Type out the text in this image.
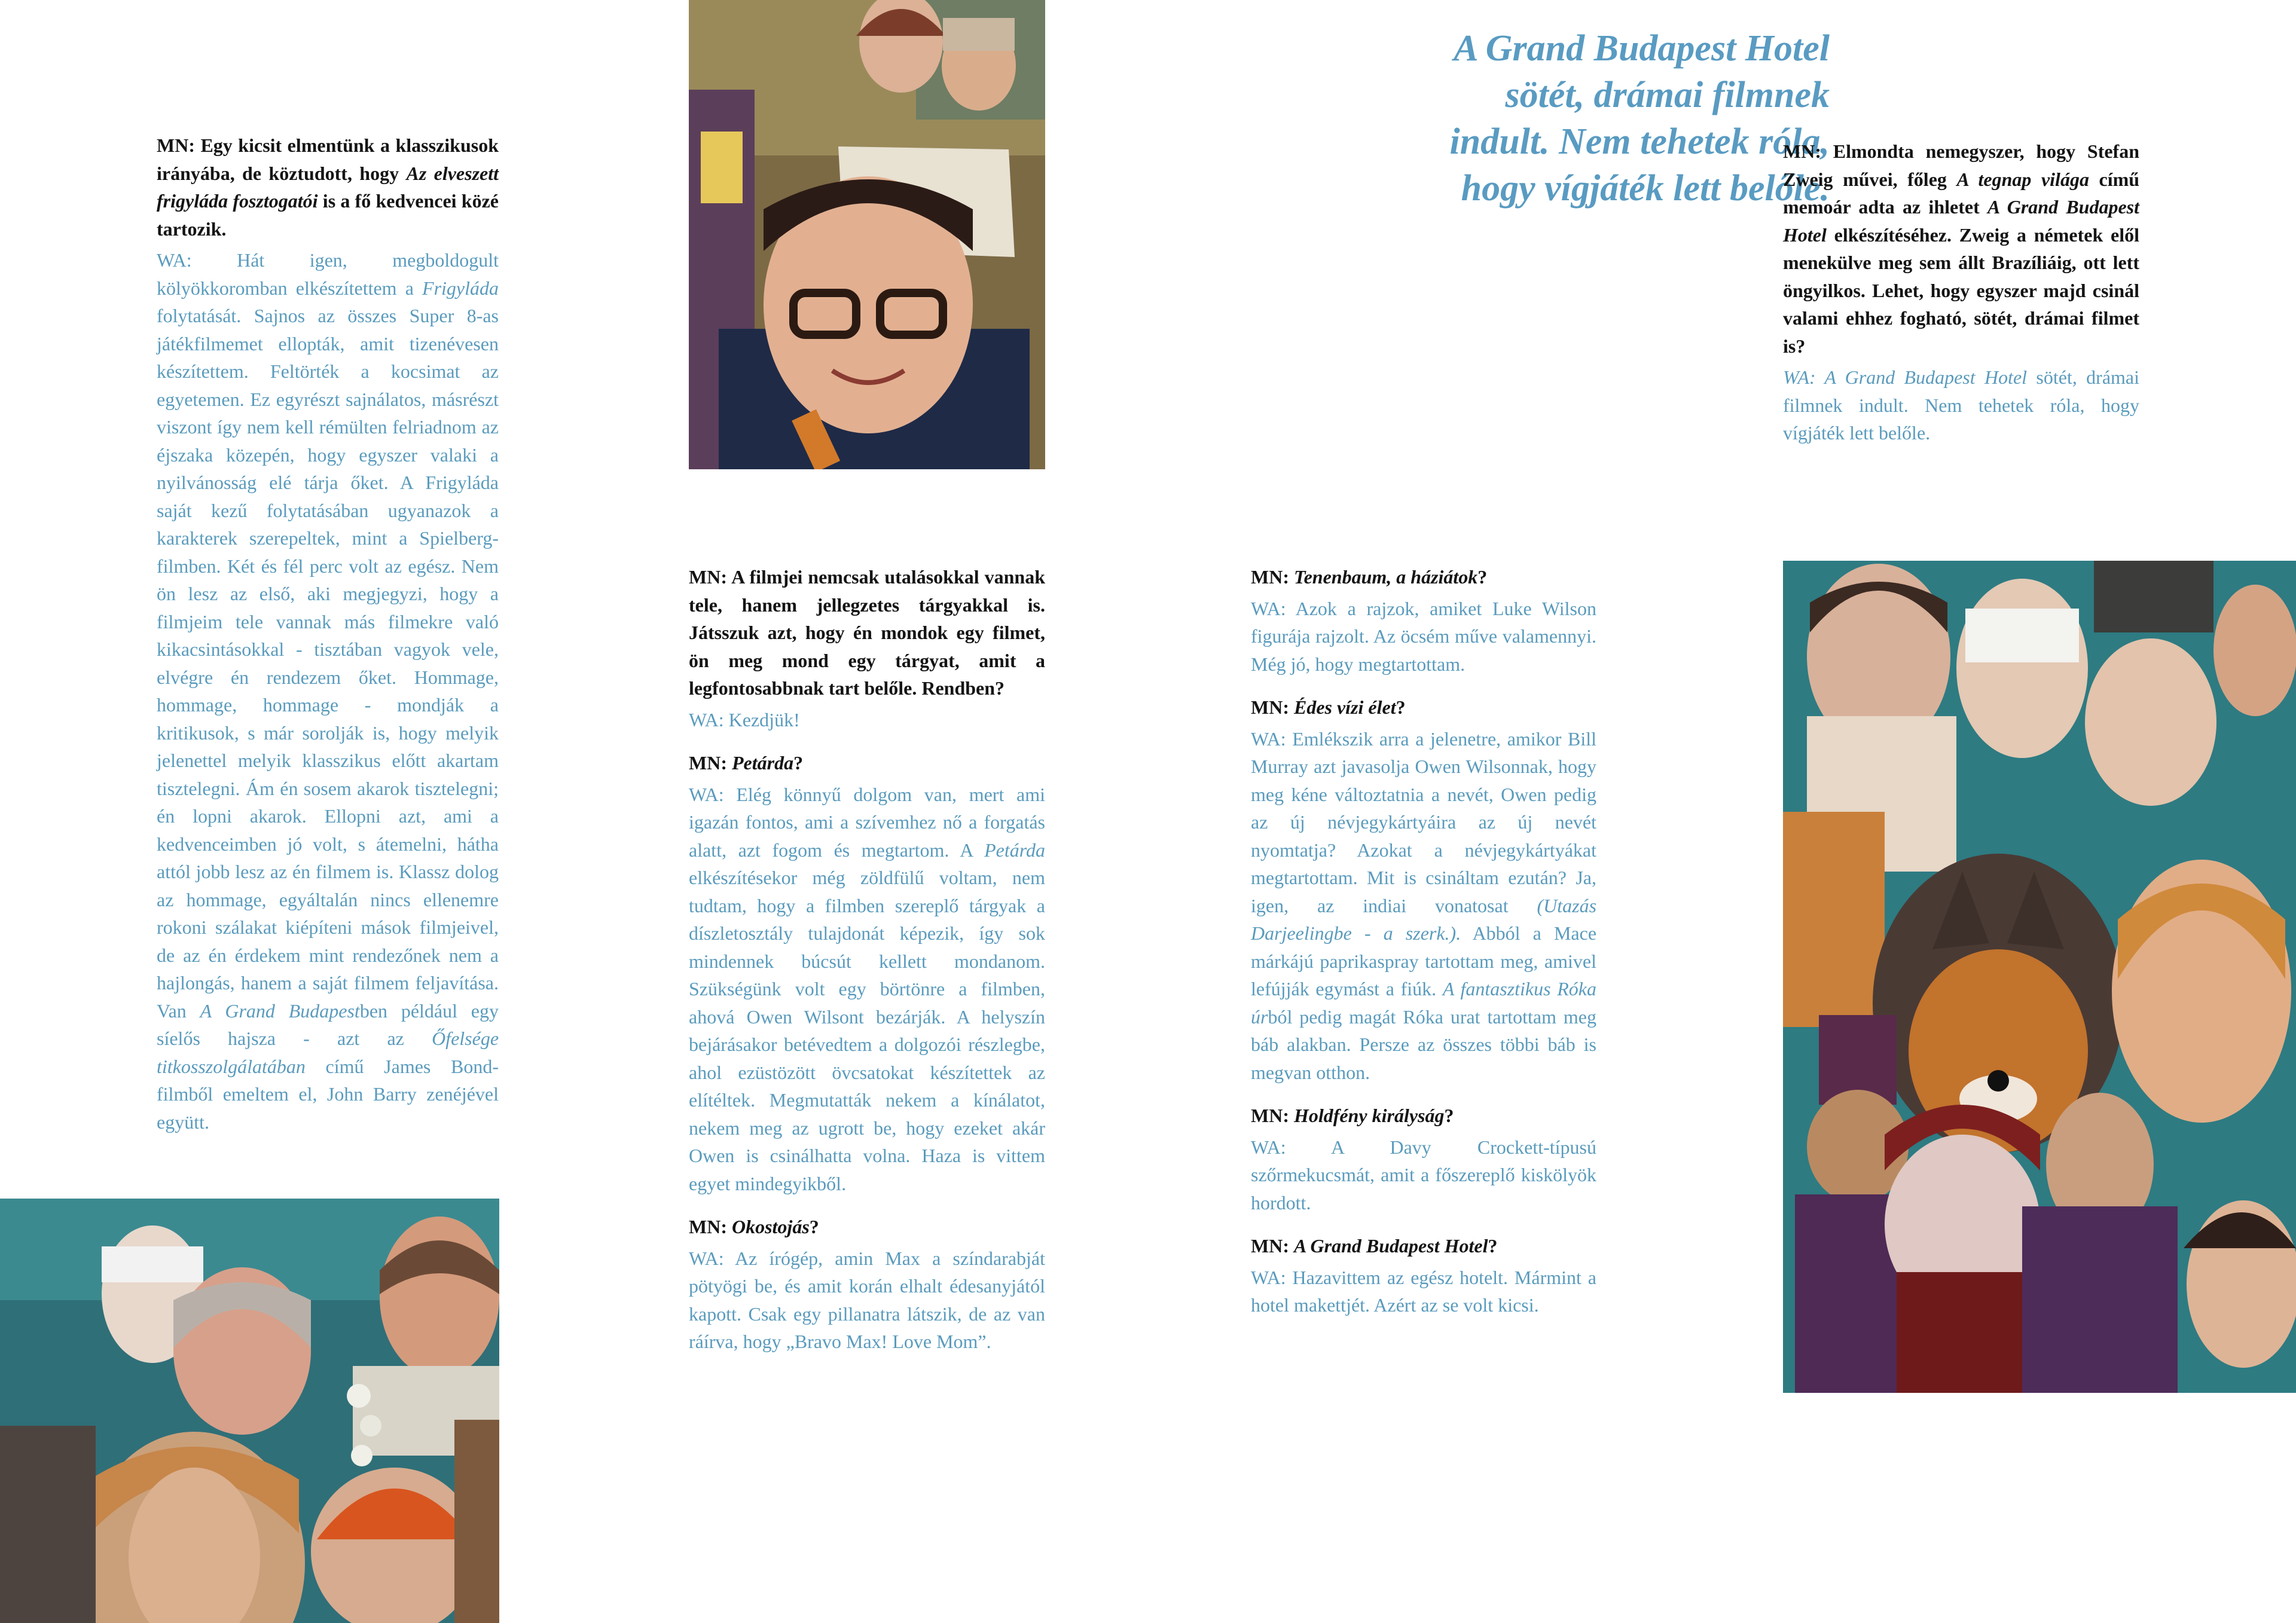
MN: Egy kicsit elmentünk a klasszikusok irányába, de köztudott, hogy Az elveszett frigyláda fosztogatói is a fő kedvencei közé tartozik.

WA: Hát igen, megboldogult kölyökkoromban elkészítettem a Frigyláda folytatását. Sajnos az összes Super 8-as játékfilmemet ellopták, amit tizenévesen készítettem. Feltörték a kocsimat az egyetemen. Ez egyrészt sajnálatos, másrészt viszont így nem kell rémülten felriadnom az éjszaka közepén, hogy egyszer valaki a nyilvánosság elé tárja őket. A Frigyláda saját kezű folytatásában ugyanazok a karakterek szerepeltek, mint a Spielberg-filmben. Két és fél perc volt az egész. Nem ön lesz az első, aki megjegyzi, hogy a filmjeim tele vannak más filmekre való kikacsintásokkal - tisztában vagyok vele, elvégre én rendezem őket. Hommage, hommage, hommage - mondják a kritikusok, s már sorolják is, hogy melyik jelenettel melyik klasszikus előtt akartam tisztelegni. Ám én sosem akarok tisztelegni; én lopni akarok. Ellopni azt, ami a kedvenceimben jó volt, s átemelni, hátha attól jobb lesz az én filmem is. Klassz dolog az hommage, egyáltalán nincs ellenemre rokoni szálakat kiépíteni mások filmjeivel, de az én érdekem mint rendezőnek nem a hajlongás, hanem a saját filmem feljavítása. Van A Grand Budapestben például egy síelős hajsza - azt az Őfelsége titkosszolgálatában című James Bond-filmből emeltem el, John Barry zenéjével együtt.

MN: A filmjei nemcsak utalásokkal vannak tele, hanem jellegzetes tárgyakkal is. Játsszuk azt, hogy én mondok egy filmet, ön meg mond egy tárgyat, amit a legfontosabbnak tart belőle. Rendben?

WA: Kezdjük!

MN: Petárda?

WA: Elég könnyű dolgom van, mert ami igazán fontos, ami a szívemhez nő a forgatás alatt, azt fogom és megtartom. A Petárda elkészítésekor még zöldfülű voltam, nem tudtam, hogy a filmben szereplő tárgyak a díszletosztály tulajdonát képezik, így sok mindennek búcsút kellett mondanom. Szükségünk volt egy börtönre a filmben, ahová Owen Wilsont bezárják. A helyszín bejárásakor betévedtem a dolgozói részlegbe, ahol ezüstözött övcsatokat készítettek az elítéltek. Megmutatták nekem a kínálatot, nekem meg az ugrott be, hogy ezeket akár Owen is csinálhatta volna. Haza is vittem egyet mindegyikből.

MN: Okostojás?

WA: Az írógép, amin Max a színdarabját pötyögi be, és amit korán elhalt édesanyjától kapott. Csak egy pillanatra látszik, de az van ráírva, hogy „Bravo Max! Love Mom”.

MN: Tenenbaum, a háziátok?

WA: Azok a rajzok, amiket Luke Wilson figurája rajzolt. Az öcsém műve valamennyi. Még jó, hogy megtartottam.

MN: Édes vízi élet?

WA: Emlékszik arra a jelenetre, amikor Bill Murray azt javasolja Owen Wilsonnak, hogy meg kéne változtatnia a nevét, Owen pedig az új névjegykártyáira az új nevét nyomtatja? Azokat a névjegykártyákat megtartottam. Mit is csináltam ezután? Ja, igen, az indiai vonatosat (Utazás Darjeelingbe - a szerk.). Abból a Mace márkájú paprikaspray tartottam meg, amivel lefújják egymást a fiúk. A fantasztikus Róka úrból pedig magát Róka urat tartottam meg báb alakban. Persze az összes többi báb is megvan otthon.

MN: Holdfény királyság?

WA: A Davy Crockett-típusú szőrmekucsmát, amit a főszereplő kiskölyök hordott.

MN: A Grand Budapest Hotel?

WA: Hazavittem az egész hotelt. Mármint a hotel makettjét. Azért az se volt kicsi.

A Grand Budapest Hotel sötét, drámai filmnek indult. Nem tehetek róla, hogy vígjáték lett belőle.

MN: Elmondta nemegyszer, hogy Stefan Zweig művei, főleg A tegnap világa című memoár adta az ihletet A Grand Budapest Hotel elkészítéséhez. Zweig a németek elől menekülve meg sem állt Brazíliáig, ott lett öngyilkos. Lehet, hogy egyszer majd csinál valami ehhez fogható, sötét, drámai filmet is?

WA: A Grand Budapest Hotel sötét, drámai filmnek indult. Nem tehetek róla, hogy vígjáték lett belőle.
